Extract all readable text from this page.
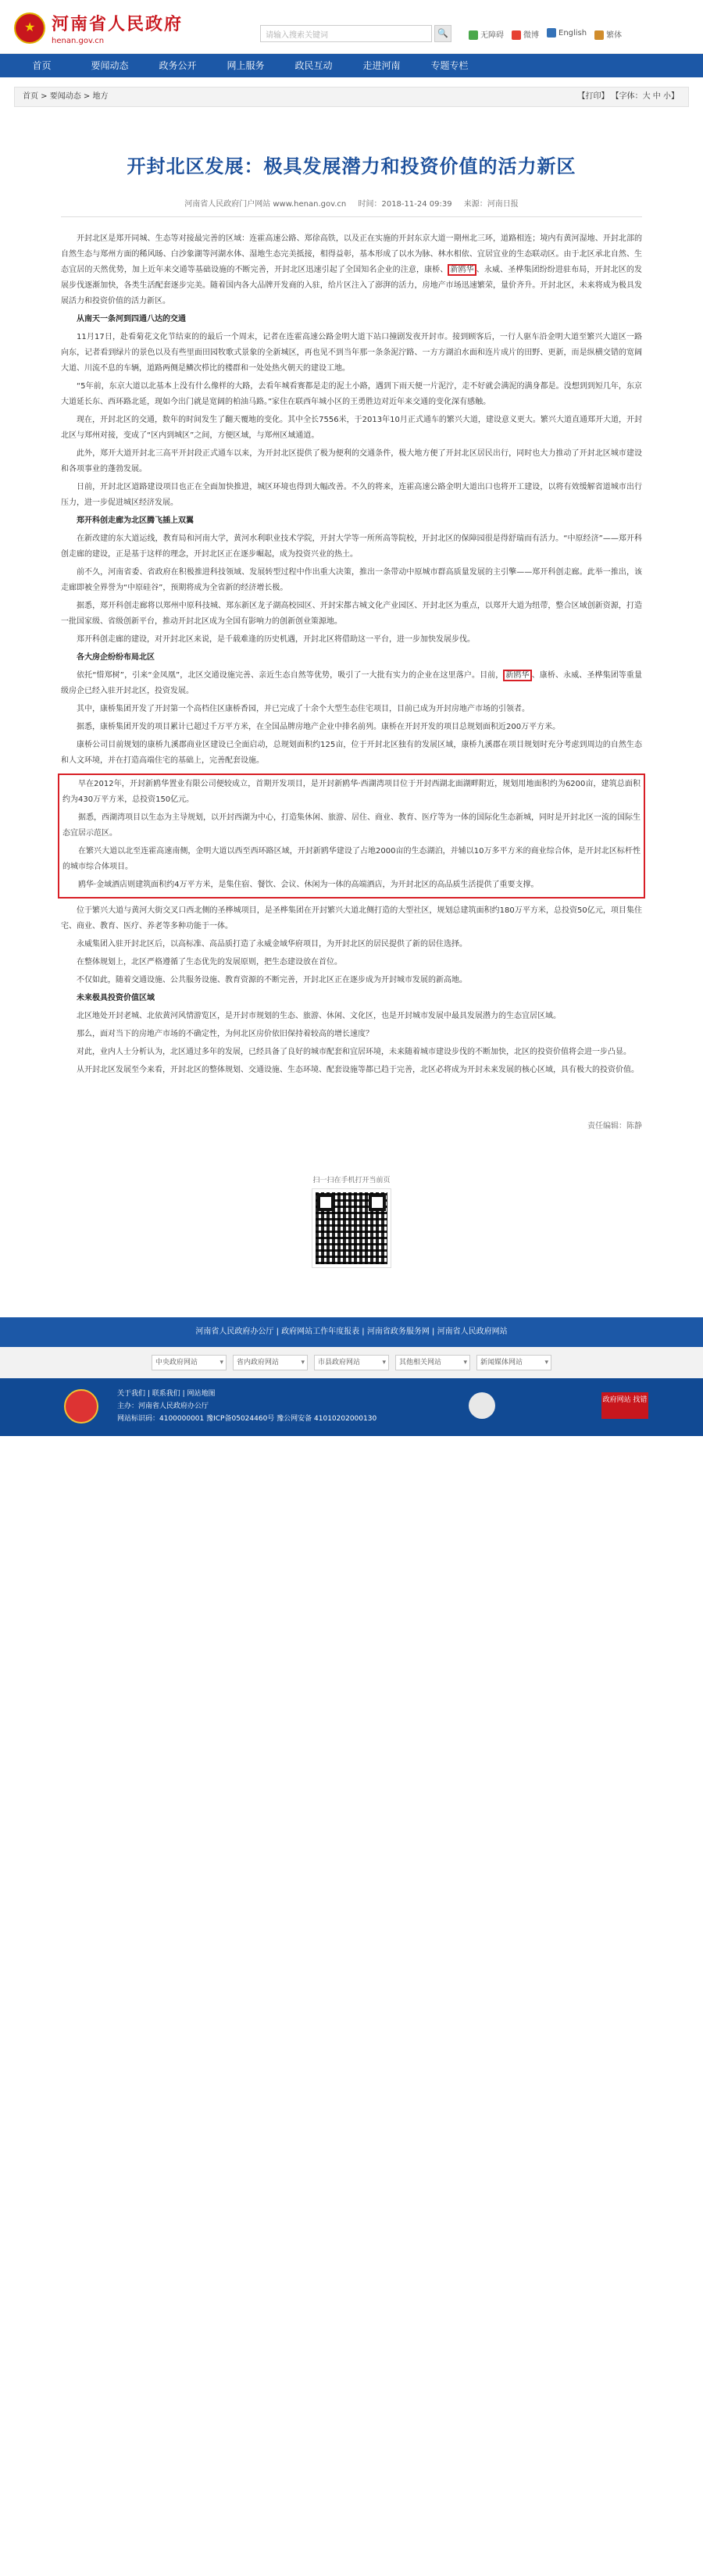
★
河南省人民政府
henan.gov.cn
请输入搜索关键词	🔍	无障碍	微博	English	繁体
首页	要闻动态	政务公开	网上服务	政民互动	走进河南	专题专栏
首页 > 要闻动态 > 地方	【打印】 【字体：大 中 小】
开封北区发展：极具发展潜力和投资价值的活力新区
河南省人民政府门户网站 www.henan.gov.cn 时间：2018-11-24 09:39 来源：河南日报

开封北区是郑开同城、生态等对接最完善的区域：连霍高速公路、郑徐高铁，以及正在实施的开封东京大道一期州北三环，道路相连；境内有黄河湿地、开封北部的自然生态与郑州方面的稀风旸、白沙象湖等河湖水体、湿地生态完美抵接，相得益彰，基本形成了以水为脉、林水相依、宜居宜业的生态联动区。由于北区承北自然、生态宜居的天然优势，加上近年来交通等基础设施的不断完善，开封北区迅速引起了全国知名企业的注意，康桥、 新鸥华 、永威、圣桦集团纷纷进驻布局，开封北区的发展步伐逐渐加快，各类生活配套逐步完美。随着国内各大品牌开发商的入驻，给片区注入了澎湃的活力，房地产市场迅速繁荣，量价齐升。开封北区，未来将成为极具发展活力和投资价值的活力新区。

从南天一条河到四通八达的交通

11月17日，赴看菊花文化节结束的的最后一个周末，记者在连霍高速公路金明大道下站口撞剧发夜开封市。接到顾客后，一行人驱车沿金明大道至繁兴大道区一路向东，记者看到绿片的景色以及有些里面田园牧歌式景象的全新城区，再也见不到当年那一条条泥泞路、一方方湖泊水面和连片成片的田野、更新，而是纵横交错的宽阔大道、川流不息的车辆，道路两侧是鳞次栉比的楼群和一处处热火朝天的建设工地。

“5年前，东京大道以北基本上没有什么像样的大路，去看年城看赛都是走的泥土小路，遇到下雨天便一片泥泞，走不好就会满泥的满身都是。没想到到短几年，东京大道延长东、西环路北延，现如今出门就是宽阔的柏油马路。”家住在联西年城小区的王勇胜边对近年来交通的变化深有感触。

现在，开封北区的交通，数年的时间发生了翻天覆地的变化。其中全长7556米，于2013年10月正式通车的繁兴大道，建设意义更大。繁兴大道直通郑开大道，开封北区与郑州对接，变成了“区内到城区”之间，方便区域，与郑州区域通道。

此外，郑开大道开封北三高平开封段正式通车以来，为开封北区提供了极为便利的交通条件，极大地方便了开封北区居民出行，同时也大力推动了开封北区城市建设和各项事业的蓬勃发展。

日前，开封北区道路建设项目也正在全面加快推进，城区环境也得到大幅改善。不久的将来，连霍高速公路金明大道出口也将开工建设，以将有效缓解省道城市出行压力，进一步促进城区经济发展。

郑开科创走廊为北区腾飞插上双翼

在新改建的东大道运线，教育局和河南大学，黄河水利职业技术学院，开封大学等一所所高等院校，开封北区的保障园很是得舒瑞而有活力。“中原经济”——郑开科创走廊的建设，正是基于这样的理念，开封北区正在逐步崛起，成为投资兴业的热土。

前不久，河南省委、省政府在积极推进科技领域、发展转型过程中作出重大决策，推出一条带动中原城市群高质量发展的主引擎——郑开科创走廊。此举一推出，该走廊即被全界誉为“中原硅谷”，预期将成为全省新的经济增长极。

据悉，郑开科创走廊将以郑州中原科技城、郑东新区龙子湖高校园区、开封宋都古城文化产业园区、开封北区为重点，以郑开大道为纽带，整合区域创新资源，打造一批国家级、省级创新平台，推动开封北区成为全国有影响力的创新创业策源地。

郑开科创走廊的建设，对开封北区来说，是千载难逢的历史机遇，开封北区将借助这一平台，进一步加快发展步伐。

各大房企纷纷布局北区

依托“惜郑树”，引来“金凤凰”，北区交通设施完善、亲近生态自然等优势，吸引了一大批有实力的企业在这里落户。目前， 新鸥华 、康桥、永威、圣桦集团等重量级房企已经入驻开封北区，投资发展。

其中，康桥集团开发了开封第一个高档住区康桥香园，并已完成了十余个大型生态住宅项目，目前已成为开封房地产市场的引领者。

据悉，康桥集团开发的项目累计已超过千万平方米，在全国品牌房地产企业中排名前列。康桥在开封开发的项目总规划面积近200万平方米。

康桥公司目前规划的康桥九溪郡商业区建设已全面启动，总规划面积约125亩，位于开封北区独有的发展区域，康桥九溪郡在项目规划时充分考虑到周边的自然生态和人文环境，并在打造高端住宅的基础上，完善配套设施。

早在2012年，开封新鸥华置业有限公司便较成立，首期开发项目，是开封新鸥华·西湖湾项目位于开封西湖北面湖畔附近，规划用地面积约为6200亩，建筑总面积约为430万平方米，总投资150亿元。

据悉，西湖湾项目以生态为主导规划，以开封西湖为中心，打造集休闲、旅游、居住、商业、教育、医疗等为一体的国际化生态新城，同时是开封北区一流的国际生态宜居示范区。

在繁兴大道以北至连霍高速南侧，金明大道以西至西环路区域，开封新鸥华建设了占地2000亩的生态湖泊，并辅以10万多平方米的商业综合体，是开封北区标杆性的城市综合体项目。

鸥华·金域酒店则建筑面积约4万平方米，是集住宿、餐饮、会议、休闲为一体的高端酒店，为开封北区的高品质生活提供了重要支撑。

位于繁兴大道与黄河大街交叉口西北侧的圣桦城项目，是圣桦集团在开封繁兴大道北侧打造的大型社区，规划总建筑面积约180万平方米，总投资50亿元，项目集住宅、商业、教育、医疗、养老等多种功能于一体。

永威集团入驻开封北区后，以高标准、高品质打造了永威金域华府项目，为开封北区的居民提供了新的居住选择。

在整体规划上，北区严格遵循了生态优先的发展原则，把生态建设放在首位。

不仅如此，随着交通设施、公共服务设施、教育资源的不断完善，开封北区正在逐步成为开封城市发展的新高地。

未来极具投资价值区域

北区地处开封老城、北依黄河风情游览区，是开封市规划的生态、旅游、休闲、文化区，也是开封城市发展中最具发展潜力的生态宜居区域。

那么，面对当下的房地产市场的不确定性，为何北区房价依旧保持着较高的增长速度？

对此，业内人士分析认为，北区通过多年的发展，已经具备了良好的城市配套和宜居环境，未来随着城市建设步伐的不断加快，北区的投资价值将会进一步凸显。

从开封北区发展至今来看，开封北区的整体规划、交通设施、生态环境、配套设施等都已趋于完善，北区必将成为开封未来发展的核心区域，具有极大的投资价值。

责任编辑：陈静
扫一扫在手机打开当前页
河南省人民政府办公厅 | 政府网站工作年度报表 | 河南省政务服务网 | 河南省人民政府网站
中央政府网站 ▾	省内政府网站 ▾	市县政府网站 ▾	其他相关网站 ▾	新闻媒体网站 ▾
关于我们 | 联系我们 | 网站地图
主办：河南省人民政府办公厅
网站标识码：4100000001 豫ICP备05024460号 豫公网安备 41010202000130
政府网站 找错
